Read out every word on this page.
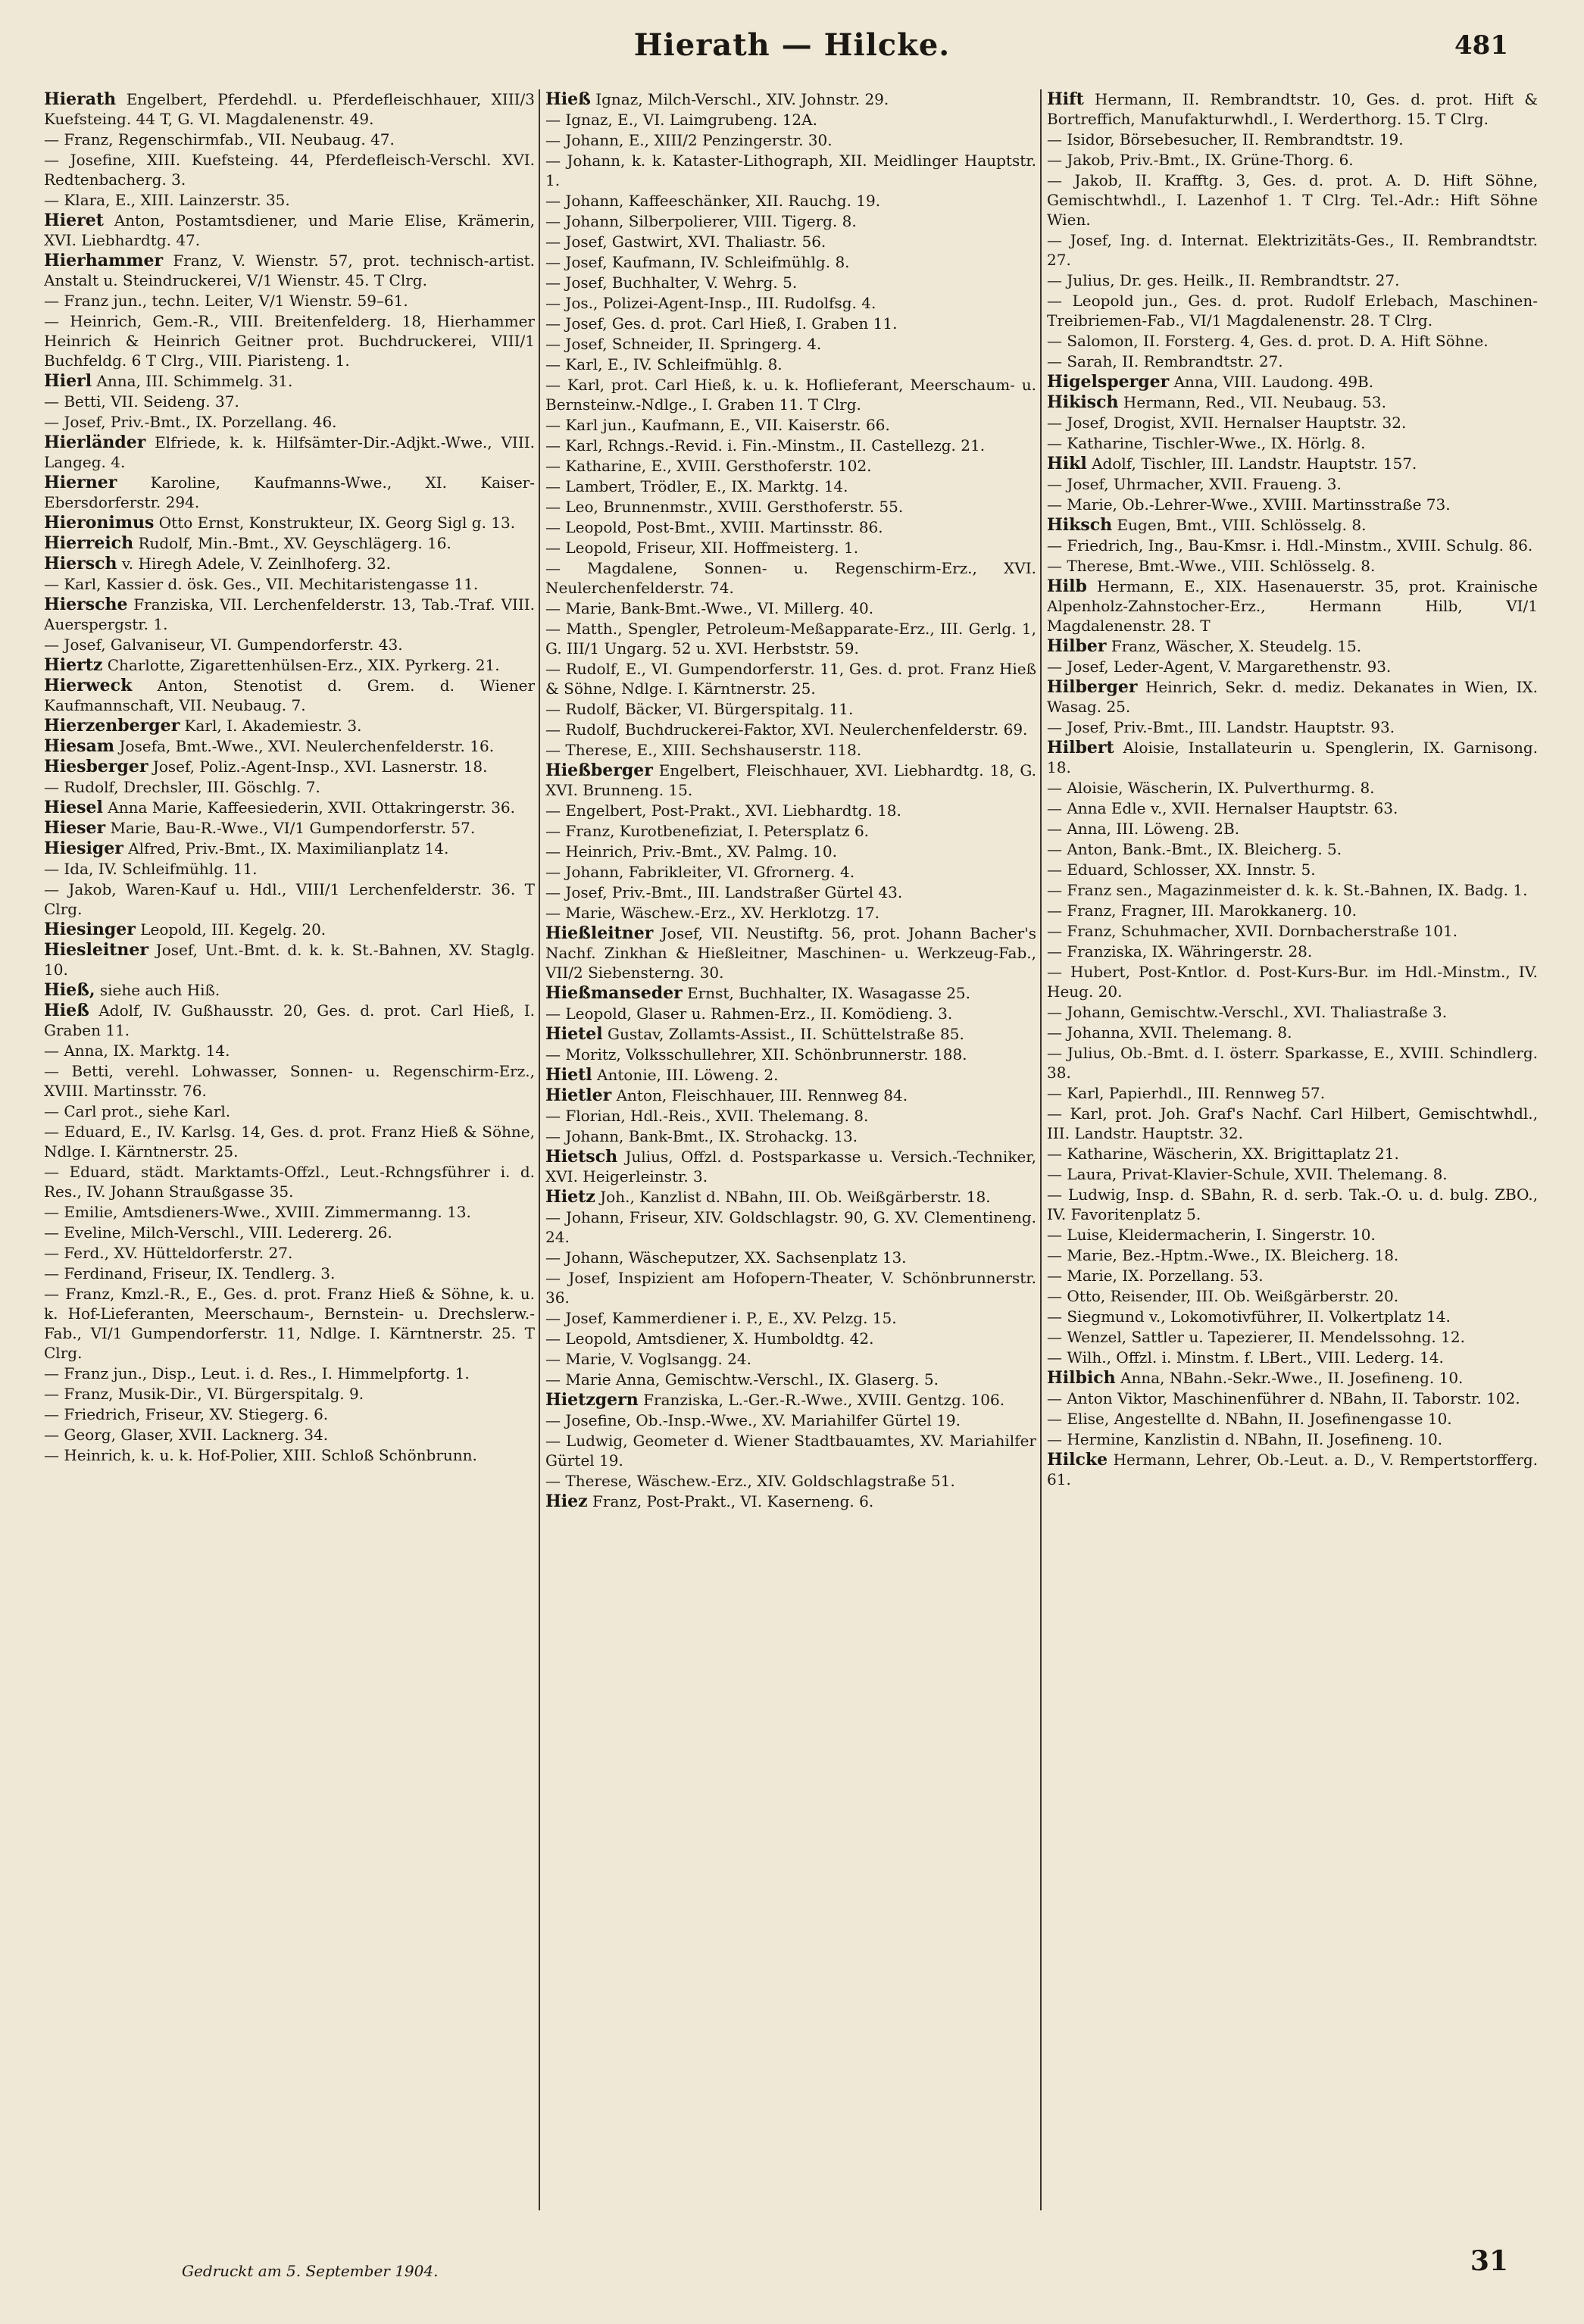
Hierath — Hilcke.	481
Hierath Engelbert, Pferdehdl. u. Pferdefleischhauer, XIII/3 Kuefsteing. 44 T, G. VI. Magdalenenstr. 49.
— Franz, Regenschirmfab., VII. Neubaug. 47.
— Josefine, XIII. Kuefsteing. 44, Pferdefleisch-Verschl. XVI. Redtenbacherg. 3.
— Klara, E., XIII. Lainzerstr. 35.
Hieret Anton, Postamtsdiener, und Marie Elise, Krämerin, XVI. Liebhardtg. 47.
Hierhammer Franz, V. Wienstr. 57, prot. technisch-artist. Anstalt u. Steindruckerei, V/1 Wienstr. 45. T Clrg.
— Franz jun., techn. Leiter, V/1 Wienstr. 59–61.
— Heinrich, Gem.-R., VIII. Breitenfelderg. 18, Hierhammer Heinrich & Heinrich Geitner prot. Buchdruckerei, VIII/1 Buchfeldg. 6 T Clrg., VIII. Piaristeng. 1.
Hierl Anna, III. Schimmelg. 31.
— Betti, VII. Seideng. 37.
— Josef, Priv.-Bmt., IX. Porzellang. 46.
Hierländer Elfriede, k. k. Hilfsämter-Dir.-Adjkt.-Wwe., VIII. Langeg. 4.
Hierner Karoline, Kaufmanns-Wwe., XI. Kaiser-Ebersdorferstr. 294.
Hieronimus Otto Ernst, Konstrukteur, IX. Georg Sigl g. 13.
Hierreich Rudolf, Min.-Bmt., XV. Geyschlägerg. 16.
Hiersch v. Hiregh Adele, V. Zeinlhoferg. 32.
— Karl, Kassier d. ösk. Ges., VII. Mechitaristengasse 11.
Hiersche Franziska, VII. Lerchenfelderstr. 13, Tab.-Traf. VIII. Auerspergstr. 1.
— Josef, Galvaniseur, VI. Gumpendorferstr. 43.
Hiertz Charlotte, Zigarettenhülsen-Erz., XIX. Pyrkerg. 21.
Hierweck Anton, Stenotist d. Grem. d. Wiener Kaufmannschaft, VII. Neubaug. 7.
Hierzenberger Karl, I. Akademiestr. 3.
Hiesam Josefa, Bmt.-Wwe., XVI. Neulerchenfelderstr. 16.
Hiesberger Josef, Poliz.-Agent-Insp., XVI. Lasnerstr. 18.
— Rudolf, Drechsler, III. Göschlg. 7.
Hiesel Anna Marie, Kaffeesiederin, XVII. Ottakringerstr. 36.
Hieser Marie, Bau-R.-Wwe., VI/1 Gumpendorferstr. 57.
Hiesiger Alfred, Priv.-Bmt., IX. Maximilianplatz 14.
— Ida, IV. Schleifmühlg. 11.
— Jakob, Waren-Kauf u. Hdl., VIII/1 Lerchenfelderstr. 36. T Clrg.
Hiesinger Leopold, III. Kegelg. 20.
Hiesleitner Josef, Unt.-Bmt. d. k. k. St.-Bahnen, XV. Staglg. 10.
Hieß, siehe auch Hiß.
Hieß Adolf, IV. Gußhausstr. 20, Ges. d. prot. Carl Hieß, I. Graben 11.
— Anna, IX. Marktg. 14.
— Betti, verehl. Lohwasser, Sonnen- u. Regenschirm-Erz., XVIII. Martinsstr. 76.
— Carl prot., siehe Karl.
— Eduard, E., IV. Karlsg. 14, Ges. d. prot. Franz Hieß & Söhne, Ndlge. I. Kärntnerstr. 25.
— Eduard, städt. Marktamts-Offzl., Leut.-Rchngsführer i. d. Res., IV. Johann Straußgasse 35.
— Emilie, Amtsdieners-Wwe., XVIII. Zimmermanng. 13.
— Eveline, Milch-Verschl., VIII. Ledererg. 26.
— Ferd., XV. Hütteldorferstr. 27.
— Ferdinand, Friseur, IX. Tendlerg. 3.
— Franz, Kmzl.-R., E., Ges. d. prot. Franz Hieß & Söhne, k. u. k. Hof-Lieferanten, Meerschaum-, Bernstein- u. Drechslerw.-Fab., VI/1 Gumpendorferstr. 11, Ndlge. I. Kärntnerstr. 25. T Clrg.
— Franz jun., Disp., Leut. i. d. Res., I. Himmelpfortg. 1.
— Franz, Musik-Dir., VI. Bürgerspitalg. 9.
— Friedrich, Friseur, XV. Stiegerg. 6.
— Georg, Glaser, XVII. Lacknerg. 34.
— Heinrich, k. u. k. Hof-Polier, XIII. Schloß Schönbrunn.
Hieß Ignaz, Milch-Verschl., XIV. Johnstr. 29.
— Ignaz, E., VI. Laimgrubeng. 12A.
— Johann, E., XIII/2 Penzingerstr. 30.
— Johann, k. k. Kataster-Lithograph, XII. Meidlinger Hauptstr. 1.
— Johann, Kaffeeschänker, XII. Rauchg. 19.
— Johann, Silberpolierer, VIII. Tigerg. 8.
— Josef, Gastwirt, XVI. Thaliastr. 56.
— Josef, Kaufmann, IV. Schleifmühlg. 8.
— Josef, Buchhalter, V. Wehrg. 5.
— Jos., Polizei-Agent-Insp., III. Rudolfsg. 4.
— Josef, Ges. d. prot. Carl Hieß, I. Graben 11.
— Josef, Schneider, II. Springerg. 4.
— Karl, E., IV. Schleifmühlg. 8.
— Karl, prot. Carl Hieß, k. u. k. Hoflieferant, Meerschaum- u. Bernsteinw.-Ndlge., I. Graben 11. T Clrg.
— Karl jun., Kaufmann, E., VII. Kaiserstr. 66.
— Karl, Rchngs.-Revid. i. Fin.-Minstm., II. Castellezg. 21.
— Katharine, E., XVIII. Gersthoferstr. 102.
— Lambert, Trödler, E., IX. Marktg. 14.
— Leo, Brunnenmstr., XVIII. Gersthoferstr. 55.
— Leopold, Post-Bmt., XVIII. Martinsstr. 86.
— Leopold, Friseur, XII. Hoffmeisterg. 1.
— Magdalene, Sonnen- u. Regenschirm-Erz., XVI. Neulerchenfelderstr. 74.
— Marie, Bank-Bmt.-Wwe., VI. Millerg. 40.
— Matth., Spengler, Petroleum-Meßapparate-Erz., III. Gerlg. 1, G. III/1 Ungarg. 52 u. XVI. Herbststr. 59.
— Rudolf, E., VI. Gumpendorferstr. 11, Ges. d. prot. Franz Hieß & Söhne, Ndlge. I. Kärntnerstr. 25.
— Rudolf, Bäcker, VI. Bürgerspitalg. 11.
— Rudolf, Buchdruckerei-Faktor, XVI. Neulerchenfelderstr. 69.
— Therese, E., XIII. Sechshauserstr. 118.
Hießberger Engelbert, Fleischhauer, XVI. Liebhardtg. 18, G. XVI. Brunneng. 15.
— Engelbert, Post-Prakt., XVI. Liebhardtg. 18.
— Franz, Kurotbenefiziat, I. Petersplatz 6.
— Heinrich, Priv.-Bmt., XV. Palmg. 10.
— Johann, Fabrikleiter, VI. Gfrornerg. 4.
— Josef, Priv.-Bmt., III. Landstraßer Gürtel 43.
— Marie, Wäschew.-Erz., XV. Herklotzg. 17.
Hießleitner Josef, VII. Neustiftg. 56, prot. Johann Bacher's Nachf. Zinkhan & Hießleitner, Maschinen- u. Werkzeug-Fab., VII/2 Siebensterng. 30.
Hießmanseder Ernst, Buchhalter, IX. Wasagasse 25.
— Leopold, Glaser u. Rahmen-Erz., II. Komödieng. 3.
Hietel Gustav, Zollamts-Assist., II. Schüttelstraße 85.
— Moritz, Volksschullehrer, XII. Schönbrunnerstr. 188.
Hietl Antonie, III. Löweng. 2.
Hietler Anton, Fleischhauer, III. Rennweg 84.
— Florian, Hdl.-Reis., XVII. Thelemang. 8.
— Johann, Bank-Bmt., IX. Strohackg. 13.
Hietsch Julius, Offzl. d. Postsparkasse u. Versich.-Techniker, XVI. Heigerleinstr. 3.
Hietz Joh., Kanzlist d. NBahn, III. Ob. Weißgärberstr. 18.
— Johann, Friseur, XIV. Goldschlagstr. 90, G. XV. Clementineng. 24.
— Johann, Wäscheputzer, XX. Sachsenplatz 13.
— Josef, Inspizient am Hofopern-Theater, V. Schönbrunnerstr. 36.
— Josef, Kammerdiener i. P., E., XV. Pelzg. 15.
— Leopold, Amtsdiener, X. Humboldtg. 42.
— Marie, V. Voglsangg. 24.
— Marie Anna, Gemischtw.-Verschl., IX. Glaserg. 5.
Hietzgern Franziska, L.-Ger.-R.-Wwe., XVIII. Gentzg. 106.
— Josefine, Ob.-Insp.-Wwe., XV. Mariahilfer Gürtel 19.
— Ludwig, Geometer d. Wiener Stadtbauamtes, XV. Mariahilfer Gürtel 19.
— Therese, Wäschew.-Erz., XIV. Goldschlagstraße 51.
Hiez Franz, Post-Prakt., VI. Kaserneng. 6.
Hift Hermann, II. Rembrandtstr. 10, Ges. d. prot. Hift & Bortreffich, Manufakturwhdl., I. Werderthorg. 15. T Clrg.
— Isidor, Börsebesucher, II. Rembrandtstr. 19.
— Jakob, Priv.-Bmt., IX. Grüne-Thorg. 6.
— Jakob, II. Krafftg. 3, Ges. d. prot. A. D. Hift Söhne, Gemischtwhdl., I. Lazenhof 1. T Clrg. Tel.-Adr.: Hift Söhne Wien.
— Josef, Ing. d. Internat. Elektrizitäts-Ges., II. Rembrandtstr. 27.
— Julius, Dr. ges. Heilk., II. Rembrandtstr. 27.
— Leopold jun., Ges. d. prot. Rudolf Erlebach, Maschinen-Treibriemen-Fab., VI/1 Magdalenenstr. 28. T Clrg.
— Salomon, II. Forsterg. 4, Ges. d. prot. D. A. Hift Söhne.
— Sarah, II. Rembrandtstr. 27.
Higelsperger Anna, VIII. Laudong. 49B.
Hikisch Hermann, Red., VII. Neubaug. 53.
— Josef, Drogist, XVII. Hernalser Hauptstr. 32.
— Katharine, Tischler-Wwe., IX. Hörlg. 8.
Hikl Adolf, Tischler, III. Landstr. Hauptstr. 157.
— Josef, Uhrmacher, XVII. Fraueng. 3.
— Marie, Ob.-Lehrer-Wwe., XVIII. Martinsstraße 73.
Hiksch Eugen, Bmt., VIII. Schlösselg. 8.
— Friedrich, Ing., Bau-Kmsr. i. Hdl.-Minstm., XVIII. Schulg. 86.
— Therese, Bmt.-Wwe., VIII. Schlösselg. 8.
Hilb Hermann, E., XIX. Hasenauerstr. 35, prot. Krainische Alpenholz-Zahnstocher-Erz., Hermann Hilb, VI/1 Magdalenenstr. 28. T
Hilber Franz, Wäscher, X. Steudelg. 15.
— Josef, Leder-Agent, V. Margarethenstr. 93.
Hilberger Heinrich, Sekr. d. mediz. Dekanates in Wien, IX. Wasag. 25.
— Josef, Priv.-Bmt., III. Landstr. Hauptstr. 93.
Hilbert Aloisie, Installateurin u. Spenglerin, IX. Garnisong. 18.
— Aloisie, Wäscherin, IX. Pulverthurmg. 8.
— Anna Edle v., XVII. Hernalser Hauptstr. 63.
— Anna, III. Löweng. 2B.
— Anton, Bank.-Bmt., IX. Bleicherg. 5.
— Eduard, Schlosser, XX. Innstr. 5.
— Franz sen., Magazinmeister d. k. k. St.-Bahnen, IX. Badg. 1.
— Franz, Fragner, III. Marokkanerg. 10.
— Franz, Schuhmacher, XVII. Dornbacherstraße 101.
— Franziska, IX. Währingerstr. 28.
— Hubert, Post-Kntlor. d. Post-Kurs-Bur. im Hdl.-Minstm., IV. Heug. 20.
— Johann, Gemischtw.-Verschl., XVI. Thaliastraße 3.
— Johanna, XVII. Thelemang. 8.
— Julius, Ob.-Bmt. d. I. österr. Sparkasse, E., XVIII. Schindlerg. 38.
— Karl, Papierhdl., III. Rennweg 57.
— Karl, prot. Joh. Graf's Nachf. Carl Hilbert, Gemischtwhdl., III. Landstr. Hauptstr. 32.
— Katharine, Wäscherin, XX. Brigittaplatz 21.
— Laura, Privat-Klavier-Schule, XVII. Thelemang. 8.
— Ludwig, Insp. d. SBahn, R. d. serb. Tak.-O. u. d. bulg. ZBO., IV. Favoritenplatz 5.
— Luise, Kleidermacherin, I. Singerstr. 10.
— Marie, Bez.-Hptm.-Wwe., IX. Bleicherg. 18.
— Marie, IX. Porzellang. 53.
— Otto, Reisender, III. Ob. Weißgärberstr. 20.
— Siegmund v., Lokomotivführer, II. Volkertplatz 14.
— Wenzel, Sattler u. Tapezierer, II. Mendelssohng. 12.
— Wilh., Offzl. i. Minstm. f. LBert., VIII. Lederg. 14.
Hilbich Anna, NBahn.-Sekr.-Wwe., II. Josefineng. 10.
— Anton Viktor, Maschinenführer d. NBahn, II. Taborstr. 102.
— Elise, Angestellte d. NBahn, II. Josefinengasse 10.
— Hermine, Kanzlistin d. NBahn, II. Josefineng. 10.
Hilcke Hermann, Lehrer, Ob.-Leut. a. D., V. Rempertstorfferg. 61.
Gedruckt am 5. September 1904.	31
